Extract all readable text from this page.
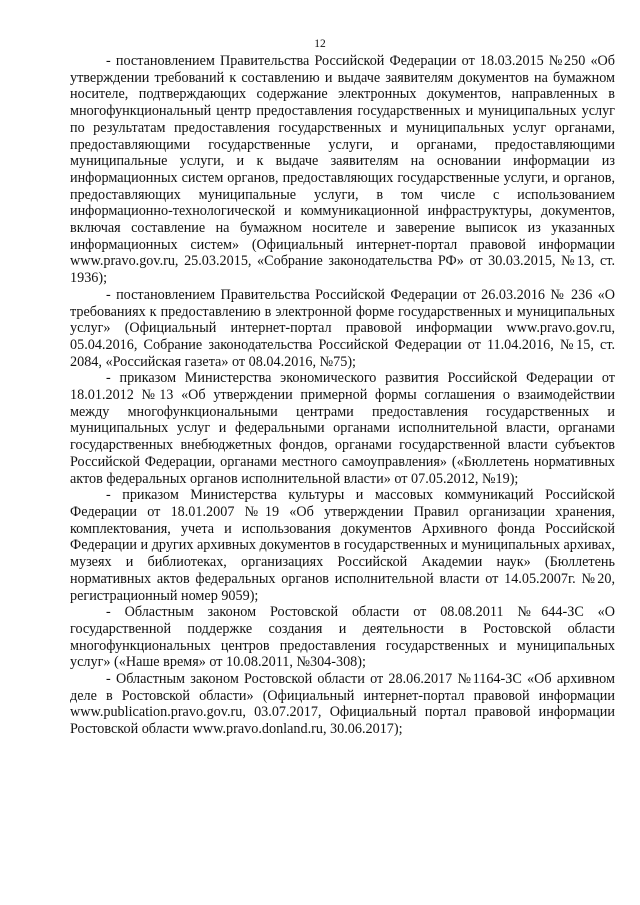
12

- постановлением Правительства Российской Федерации от 18.03.2015 №250 «Об утверждении требований к составлению и выдаче заявителям документов на бумажном носителе, подтверждающих содержание электронных документов, направленных в многофункциональный центр предоставления государственных и муниципальных услуг по результатам предоставления государственных и муниципальных услуг органами, предоставляющими государственные услуги, и органами, предоставляющими муниципальные услуги, и к выдаче заявителям на основании информации из информационных систем органов, предоставляющих государственные услуги, и органов, предоставляющих муниципальные услуги, в том числе с использованием информационно-технологической и коммуникационной инфраструктуры, документов, включая составление на бумажном носителе и заверение выписок из указанных информационных систем» (Официальный интернет-портал правовой информации www.pravo.gov.ru, 25.03.2015, «Собрание законодательства РФ» от 30.03.2015, №13, ст. 1936);

- постановлением Правительства Российской Федерации от 26.03.2016 № 236 «О требованиях к предоставлению в электронной форме государственных и муниципальных услуг» (Официальный интернет-портал правовой информации www.pravo.gov.ru, 05.04.2016, Собрание законодательства Российской Федерации от 11.04.2016, №15, ст. 2084, «Российская газета» от 08.04.2016, №75);

- приказом Министерства экономического развития Российской Федерации от 18.01.2012 №13 «Об утверждении примерной формы соглашения о взаимодействии между многофункциональными центрами предоставления государственных и муниципальных услуг и федеральными органами исполнительной власти, органами государственных внебюджетных фондов, органами государственной власти субъектов Российской Федерации, органами местного самоуправления» («Бюллетень нормативных актов федеральных органов исполнительной власти» от 07.05.2012, №19);

- приказом Министерства культуры и массовых коммуникаций Российской Федерации от 18.01.2007 №19 «Об утверждении Правил организации хранения, комплектования, учета и использования документов Архивного фонда Российской Федерации и других архивных документов в государственных и муниципальных архивах, музеях и библиотеках, организациях Российской Академии наук» (Бюллетень нормативных актов федеральных органов исполнительной власти от 14.05.2007г. №20, регистрационный номер 9059);

- Областным законом Ростовской области от 08.08.2011 №644-ЗС «О государственной поддержке создания и деятельности в Ростовской области многофункциональных центров предоставления государственных и муниципальных услуг» («Наше время» от 10.08.2011, №304-308);

- Областным законом Ростовской области от 28.06.2017 №1164-ЗС «Об архивном деле в Ростовской области» (Официальный интернет-портал правовой информации www.publication.pravo.gov.ru, 03.07.2017, Официальный портал правовой информации Ростовской области www.pravo.donland.ru, 30.06.2017);
